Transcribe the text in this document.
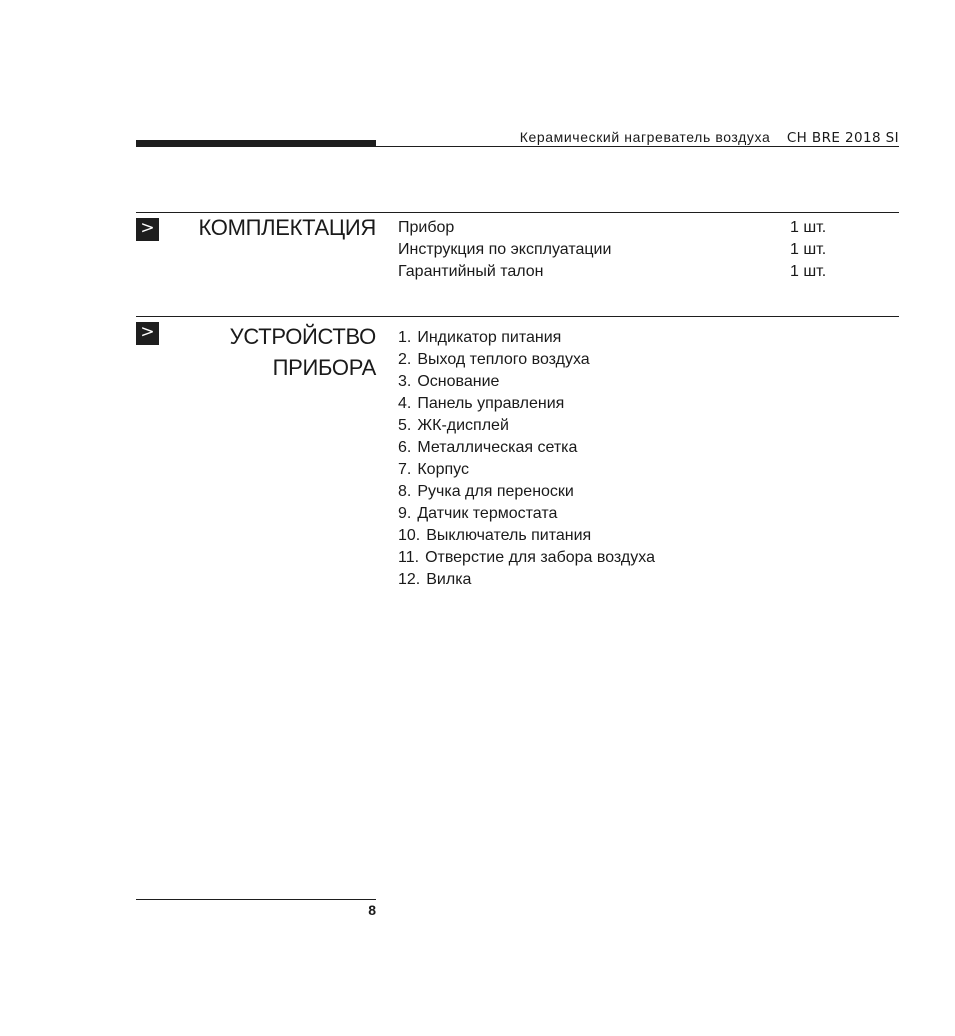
Керамический нагреватель воздуха CH BRE 2018 SI
> КОМПЛЕКТАЦИЯ Прибор
Инструкция по эксплуатации
Гарантийный талон
1 шт.
1 шт.
1 шт.
>	УСТРОЙСТВО
ПРИБОРА
1. Индикатор питания
2. Выход теплого воздуха
3. Основание
4. Панель управления
5. ЖК-дисплей
6. Металлическая сетка
7. Корпус
8. Ручка для переноски
9. Датчик термостата
10. Выключатель питания
11. Отверстие для забора воздуха
12. Вилка
8
